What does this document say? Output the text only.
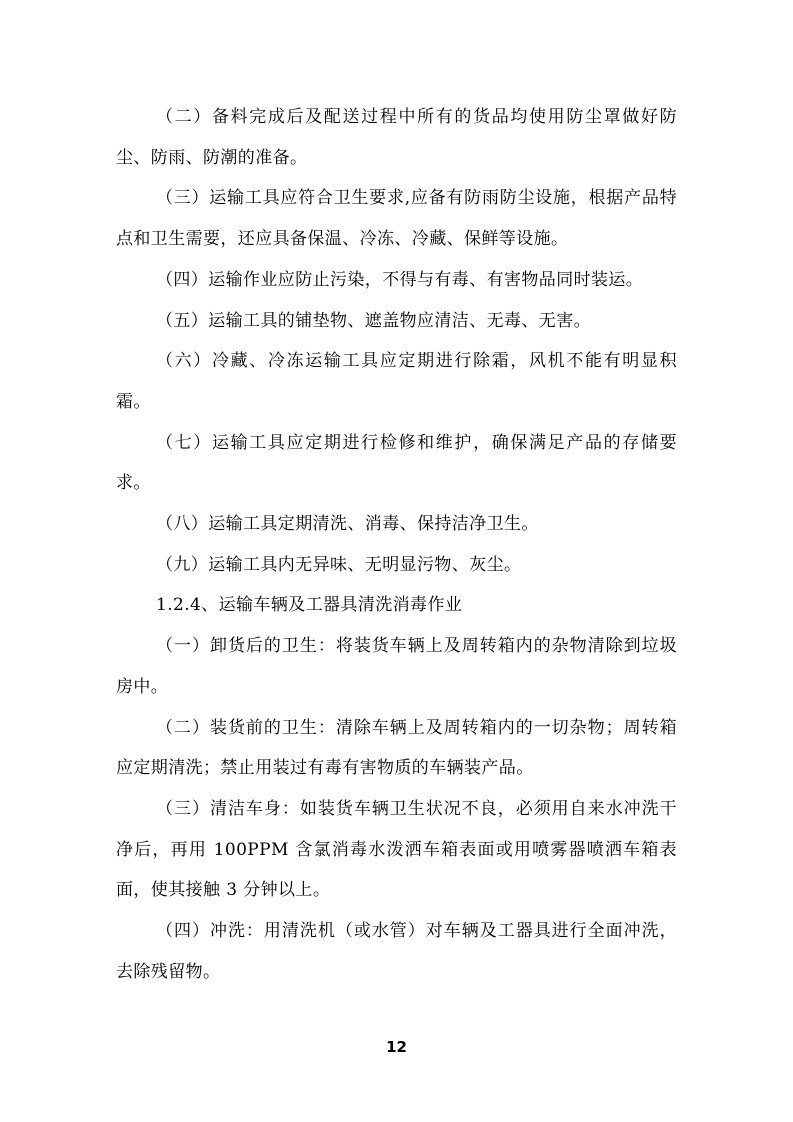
（二）备料完成后及配送过程中所有的货品均使用防尘罩做好防尘、防雨、防潮的准备。

（三）运输工具应符合卫生要求,应备有防雨防尘设施，根据产品特点和卫生需要，还应具备保温、冷冻、冷藏、保鲜等设施。

（四）运输作业应防止污染，不得与有毒、有害物品同时装运。

（五）运输工具的铺垫物、遮盖物应清洁、无毒、无害。

（六）冷藏、冷冻运输工具应定期进行除霜，风机不能有明显积霜。

（七）运输工具应定期进行检修和维护，确保满足产品的存储要求。

（八）运输工具定期清洗、消毒、保持洁净卫生。

（九）运输工具内无异味、无明显污物、灰尘。

1.2.4、运输车辆及工器具清洗消毒作业

（一）卸货后的卫生：将装货车辆上及周转箱内的杂物清除到垃圾房中。

（二）装货前的卫生：清除车辆上及周转箱内的一切杂物；周转箱应定期清洗；禁止用装过有毒有害物质的车辆装产品。

（三）清洁车身：如装货车辆卫生状况不良，必须用自来水冲洗干净后，再用 100PPM 含氯消毒水泼洒车箱表面或用喷雾器喷洒车箱表面，使其接触 3 分钟以上。

（四）冲洗：用清洗机（或水管）对车辆及工器具进行全面冲洗，去除残留物。

12
